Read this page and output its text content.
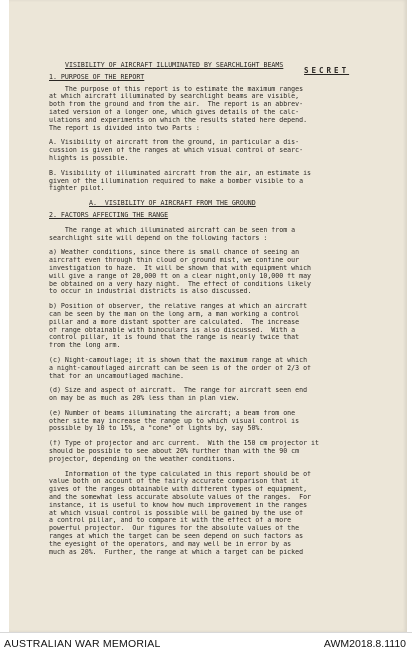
SECRET
VISIBILITY OF AIRCRAFT ILLUMINATED BY SEARCHLIGHT BEAMS
1. PURPOSE OF THE REPORT
The purpose of this report is to estimate the maximum ranges
at which aircraft illuminated by searchlight beams are visible,
both from the ground and from the air.  The report is an abbrev-
iated version of a longer one, which gives details of the calc-
ulations and experiments on which the results stated here depend.
The report is divided into two Parts :
A. Visibility of aircraft from the ground, in particular a dis-
cussion is given of the ranges at which visual control of searc-
hlights is possible.
B. Visibility of illuminated aircraft from the air, an estimate is
given of the illumination required to make a bomber visible to a
fighter pilot.
A.  VISIBILITY OF AIRCRAFT FROM THE GROUND
2. FACTORS AFFECTING THE RANGE
The range at which illuminated aircraft can be seen from a
searchlight site will depend on the following factors :
a) Weather conditions, since there is small chance of seeing an
aircraft even through thin cloud or ground mist, we confine our
investigation to haze.  It will be shown that with equipment which
will give a range of 20,000 ft on a clear night,only 10,000 ft may
be obtained on a very hazy night.  The effect of conditions likely
to occur in industrial districts is also discussed.
b) Position of observer, the relative ranges at which an aircraft
can be seen by the man on the long arm, a man working a control
pillar and a more distant spotter are calculated.  The increase
of range obtainable with binoculars is also discussed.  With a
control pillar, it is found that the range is nearly twice that
from the long arm.
(c) Night-camouflage; it is shown that the maximum range at which
a night-camouflaged aircraft can be seen is of the order of 2/3 of
that for an uncamouflaged machine.
(d) Size and aspect of aircraft.  The range for aircraft seen end
on may be as much as 20% less than in plan view.
(e) Number of beams illuminating the aircraft; a beam from one
other site may increase the range up to which visual control is
possible by 10 to 15%, a "cone" of lights by, say 50%.
(f) Type of projector and arc current.  With the 150 cm projector it
should be possible to see about 20% further than with the 90 cm
projector, depending on the weather conditions.
Information of the type calculated in this report should be of
value both on account of the fairly accurate comparison that it
gives of the ranges obtainable with different types of equipment,
and the somewhat less accurate absolute values of the ranges.  For
instance, it is useful to know how much improvement in the ranges
at which visual control is possible will be gained by the use of
a control pillar, and to compare it with the effect of a more
powerful projector.  Our figures for the absolute values of the
ranges at which the target can be seen depend on such factors as
the eyesight of the operators, and may well be in error by as
much as 20%.  Further, the range at which a target can be picked
AUSTRALIAN WAR MEMORIAL	AWM2018.8.1110
